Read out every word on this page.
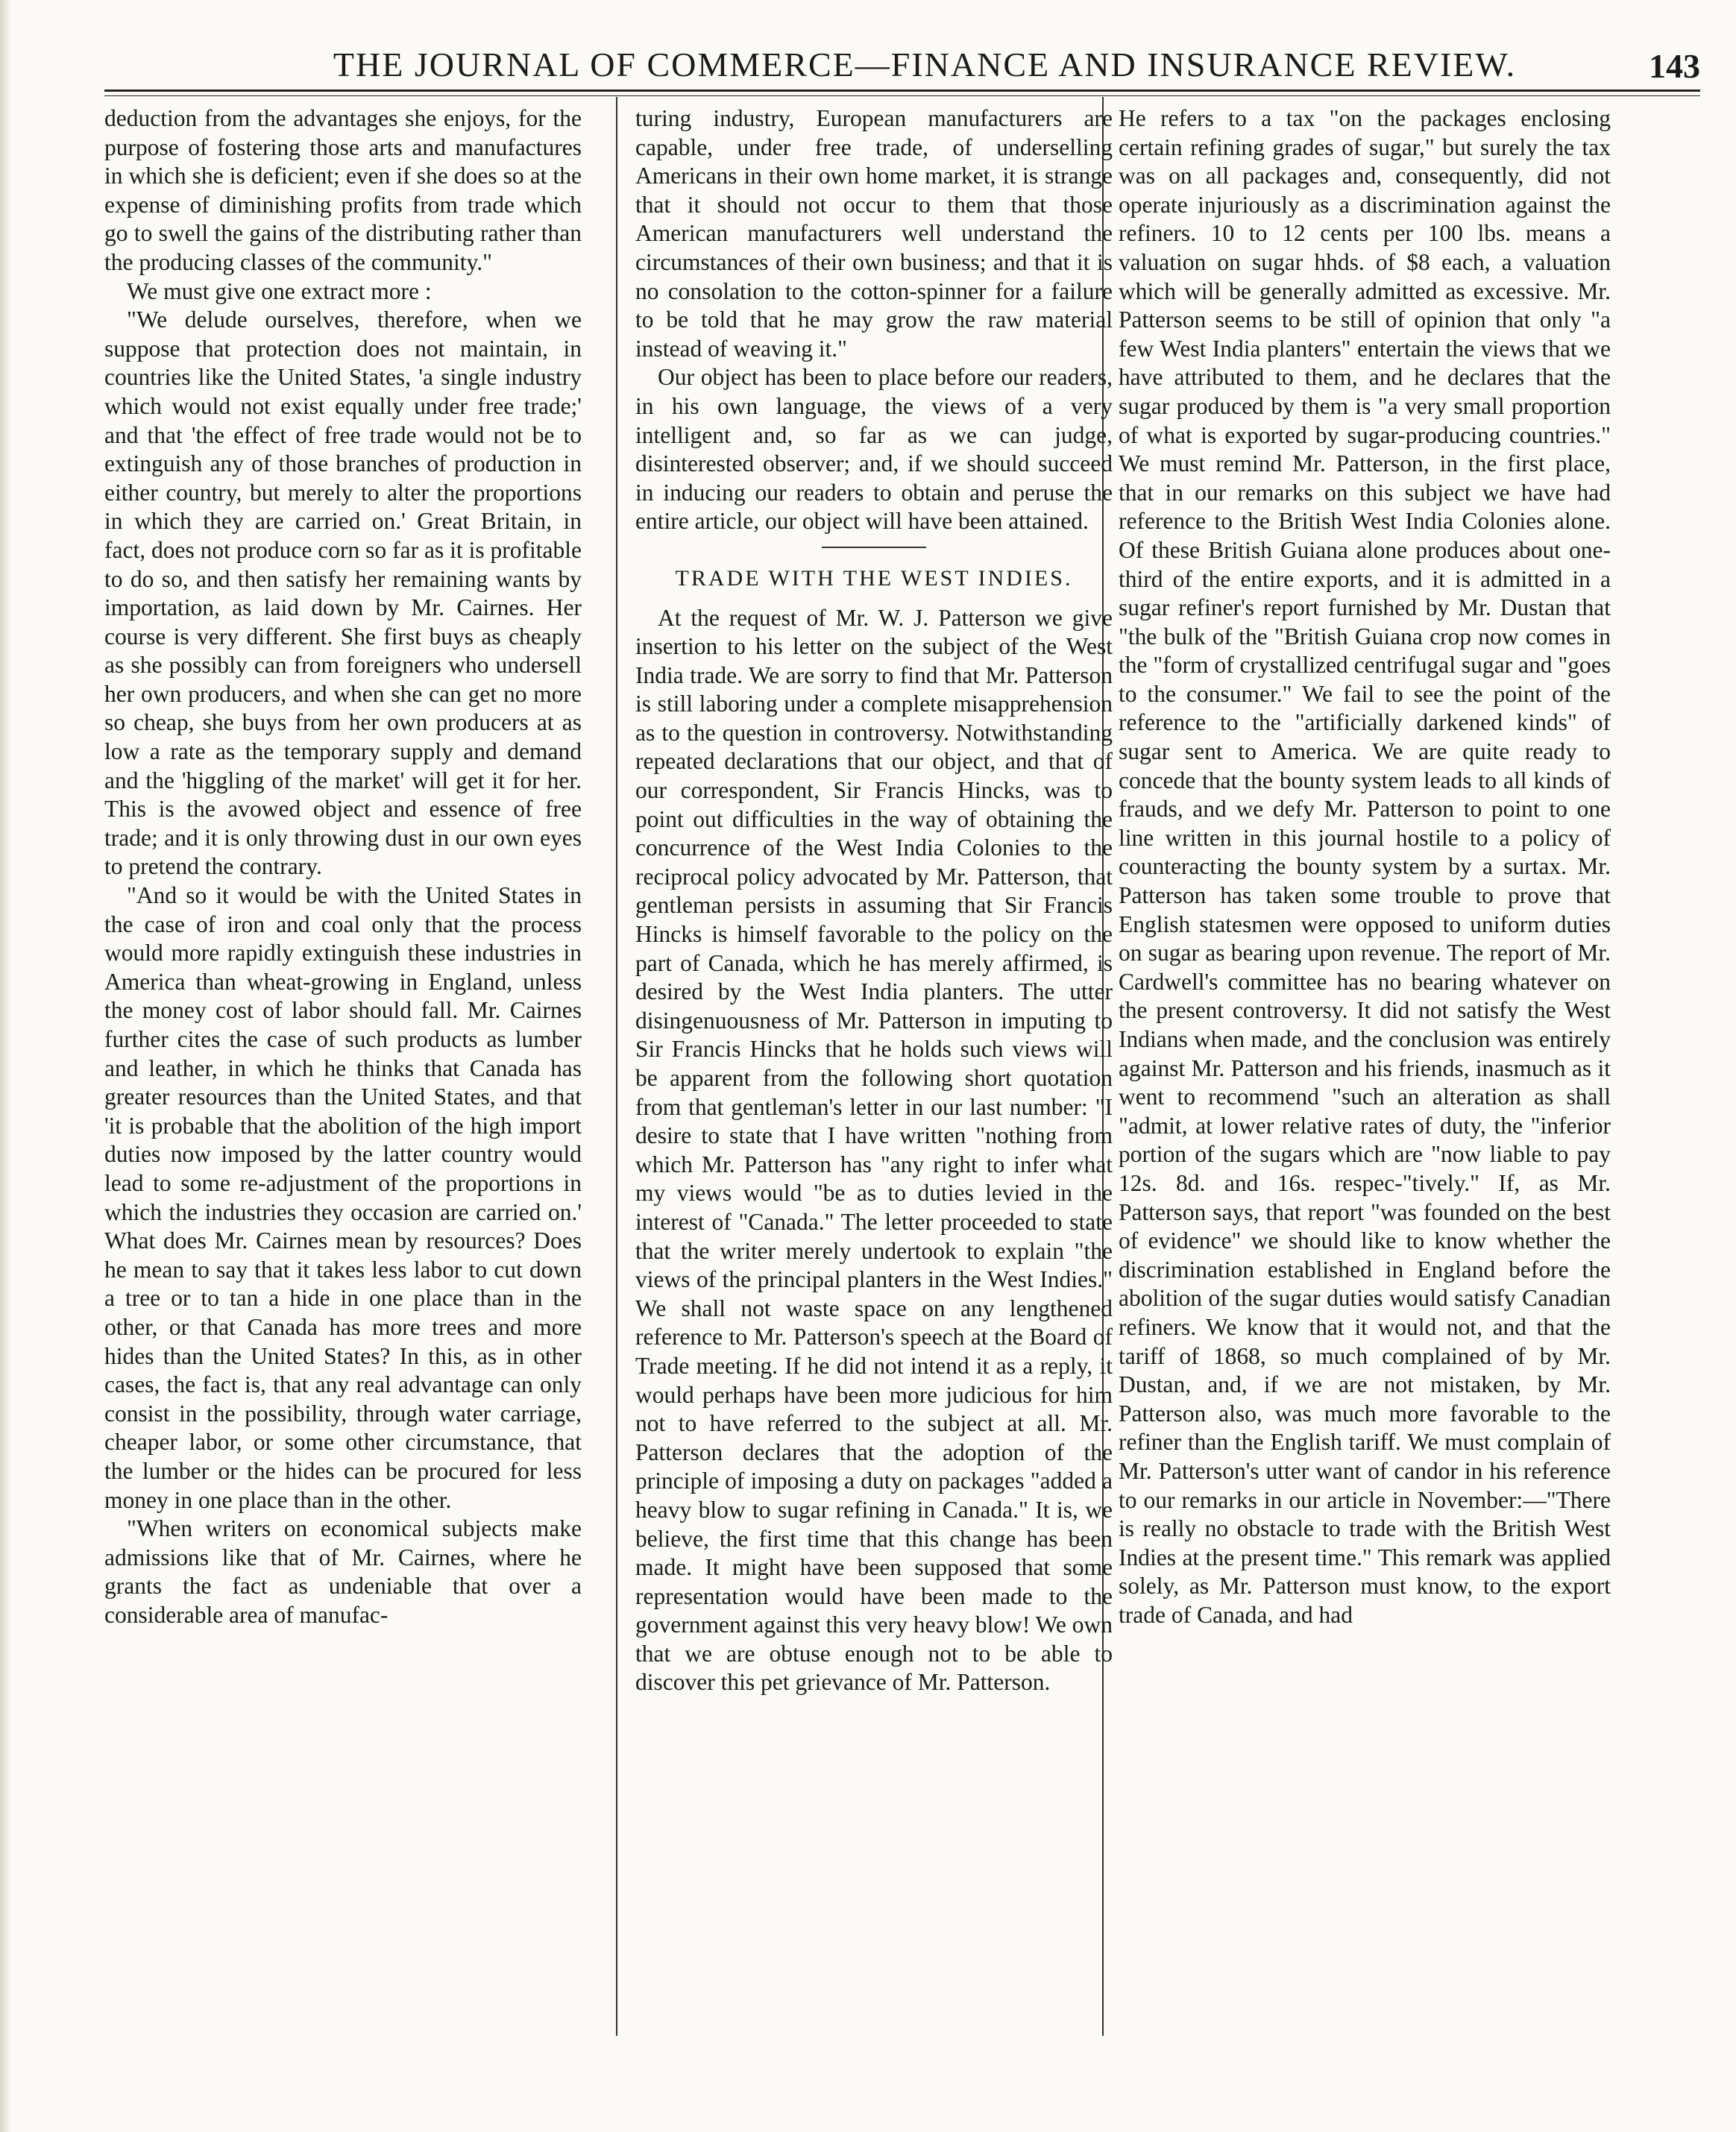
THE JOURNAL OF COMMERCE—FINANCE AND INSURANCE REVIEW.	143

deduction from the advantages she enjoys, for the purpose of fostering those arts and manufactures in which she is deficient; even if she does so at the expense of diminishing profits from trade which go to swell the gains of the distributing rather than the producing classes of the community."

We must give one extract more :

"We delude ourselves, therefore, when we suppose that protection does not maintain, in countries like the United States, 'a single industry which would not exist equally under free trade;' and that 'the effect of free trade would not be to extinguish any of those branches of production in either country, but merely to alter the proportions in which they are carried on.' Great Britain, in fact, does not produce corn so far as it is profitable to do so, and then satisfy her remaining wants by importation, as laid down by Mr. Cairnes. Her course is very different. She first buys as cheaply as she possibly can from foreigners who undersell her own producers, and when she can get no more so cheap, she buys from her own producers at as low a rate as the temporary supply and demand and the 'higgling of the market' will get it for her. This is the avowed object and essence of free trade; and it is only throwing dust in our own eyes to pretend the contrary.

"And so it would be with the United States in the case of iron and coal only that the process would more rapidly extinguish these industries in America than wheat-growing in England, unless the money cost of labor should fall. Mr. Cairnes further cites the case of such products as lumber and leather, in which he thinks that Canada has greater resources than the United States, and that 'it is probable that the abolition of the high import duties now imposed by the latter country would lead to some re-adjustment of the proportions in which the industries they occasion are carried on.' What does Mr. Cairnes mean by resources? Does he mean to say that it takes less labor to cut down a tree or to tan a hide in one place than in the other, or that Canada has more trees and more hides than the United States? In this, as in other cases, the fact is, that any real advantage can only consist in the possibility, through water carriage, cheaper labor, or some other circumstance, that the lumber or the hides can be procured for less money in one place than in the other.

"When writers on economical subjects make admissions like that of Mr. Cairnes, where he grants the fact as undeniable that over a considerable area of manufac-

turing industry, European manufacturers are capable, under free trade, of underselling Americans in their own home market, it is strange that it should not occur to them that those American manufacturers well understand the circumstances of their own business; and that it is no consolation to the cotton-spinner for a failure to be told that he may grow the raw material instead of weaving it."

Our object has been to place before our readers, in his own language, the views of a very intelligent and, so far as we can judge, disinterested observer; and, if we should succeed in inducing our readers to obtain and peruse the entire article, our object will have been attained.

TRADE WITH THE WEST INDIES.

At the request of Mr. W. J. Patterson we give insertion to his letter on the subject of the West India trade. We are sorry to find that Mr. Patterson is still laboring under a complete misapprehension as to the question in controversy. Notwithstanding repeated declarations that our object, and that of our correspondent, Sir Francis Hincks, was to point out difficulties in the way of obtaining the concurrence of the West India Colonies to the reciprocal policy advocated by Mr. Patterson, that gentleman persists in assuming that Sir Francis Hincks is himself favorable to the policy on the part of Canada, which he has merely affirmed, is desired by the West India planters. The utter disingenuousness of Mr. Patterson in imputing to Sir Francis Hincks that he holds such views will be apparent from the following short quotation from that gentleman's letter in our last number: "I desire to state that I have written "nothing from which Mr. Patterson has "any right to infer what my views would "be as to duties levied in the interest of "Canada." The letter proceeded to state that the writer merely undertook to explain "the views of the principal planters in the West Indies." We shall not waste space on any lengthened reference to Mr. Patterson's speech at the Board of Trade meeting. If he did not intend it as a reply, it would perhaps have been more judicious for him not to have referred to the subject at all. Mr. Patterson declares that the adoption of the principle of imposing a duty on packages "added a heavy blow to sugar refining in Canada." It is, we believe, the first time that this change has been made. It might have been supposed that some representation would have been made to the government against this very heavy blow! We own that we are obtuse enough not to be able to discover this pet grievance of Mr. Patterson.

He refers to a tax "on the packages enclosing certain refining grades of sugar," but surely the tax was on all packages and, consequently, did not operate injuriously as a discrimination against the refiners. 10 to 12 cents per 100 lbs. means a valuation on sugar hhds. of $8 each, a valuation which will be generally admitted as excessive. Mr. Patterson seems to be still of opinion that only "a few West India planters" entertain the views that we have attributed to them, and he declares that the sugar produced by them is "a very small proportion of what is exported by sugar-producing countries." We must remind Mr. Patterson, in the first place, that in our remarks on this subject we have had reference to the British West India Colonies alone. Of these British Guiana alone produces about one-third of the entire exports, and it is admitted in a sugar refiner's report furnished by Mr. Dustan that "the bulk of the "British Guiana crop now comes in the "form of crystallized centrifugal sugar and "goes to the consumer." We fail to see the point of the reference to the "artificially darkened kinds" of sugar sent to America. We are quite ready to concede that the bounty system leads to all kinds of frauds, and we defy Mr. Patterson to point to one line written in this journal hostile to a policy of counteracting the bounty system by a surtax. Mr. Patterson has taken some trouble to prove that English statesmen were opposed to uniform duties on sugar as bearing upon revenue. The report of Mr. Cardwell's committee has no bearing whatever on the present controversy. It did not satisfy the West Indians when made, and the conclusion was entirely against Mr. Patterson and his friends, inasmuch as it went to recommend "such an alteration as shall "admit, at lower relative rates of duty, the "inferior portion of the sugars which are "now liable to pay 12s. 8d. and 16s. respec-"tively." If, as Mr. Patterson says, that report "was founded on the best of evidence" we should like to know whether the discrimination established in England before the abolition of the sugar duties would satisfy Canadian refiners. We know that it would not, and that the tariff of 1868, so much complained of by Mr. Dustan, and, if we are not mistaken, by Mr. Patterson also, was much more favorable to the refiner than the English tariff. We must complain of Mr. Patterson's utter want of candor in his reference to our remarks in our article in November:—"There is really no obstacle to trade with the British West Indies at the present time." This remark was applied solely, as Mr. Patterson must know, to the export trade of Canada, and had
